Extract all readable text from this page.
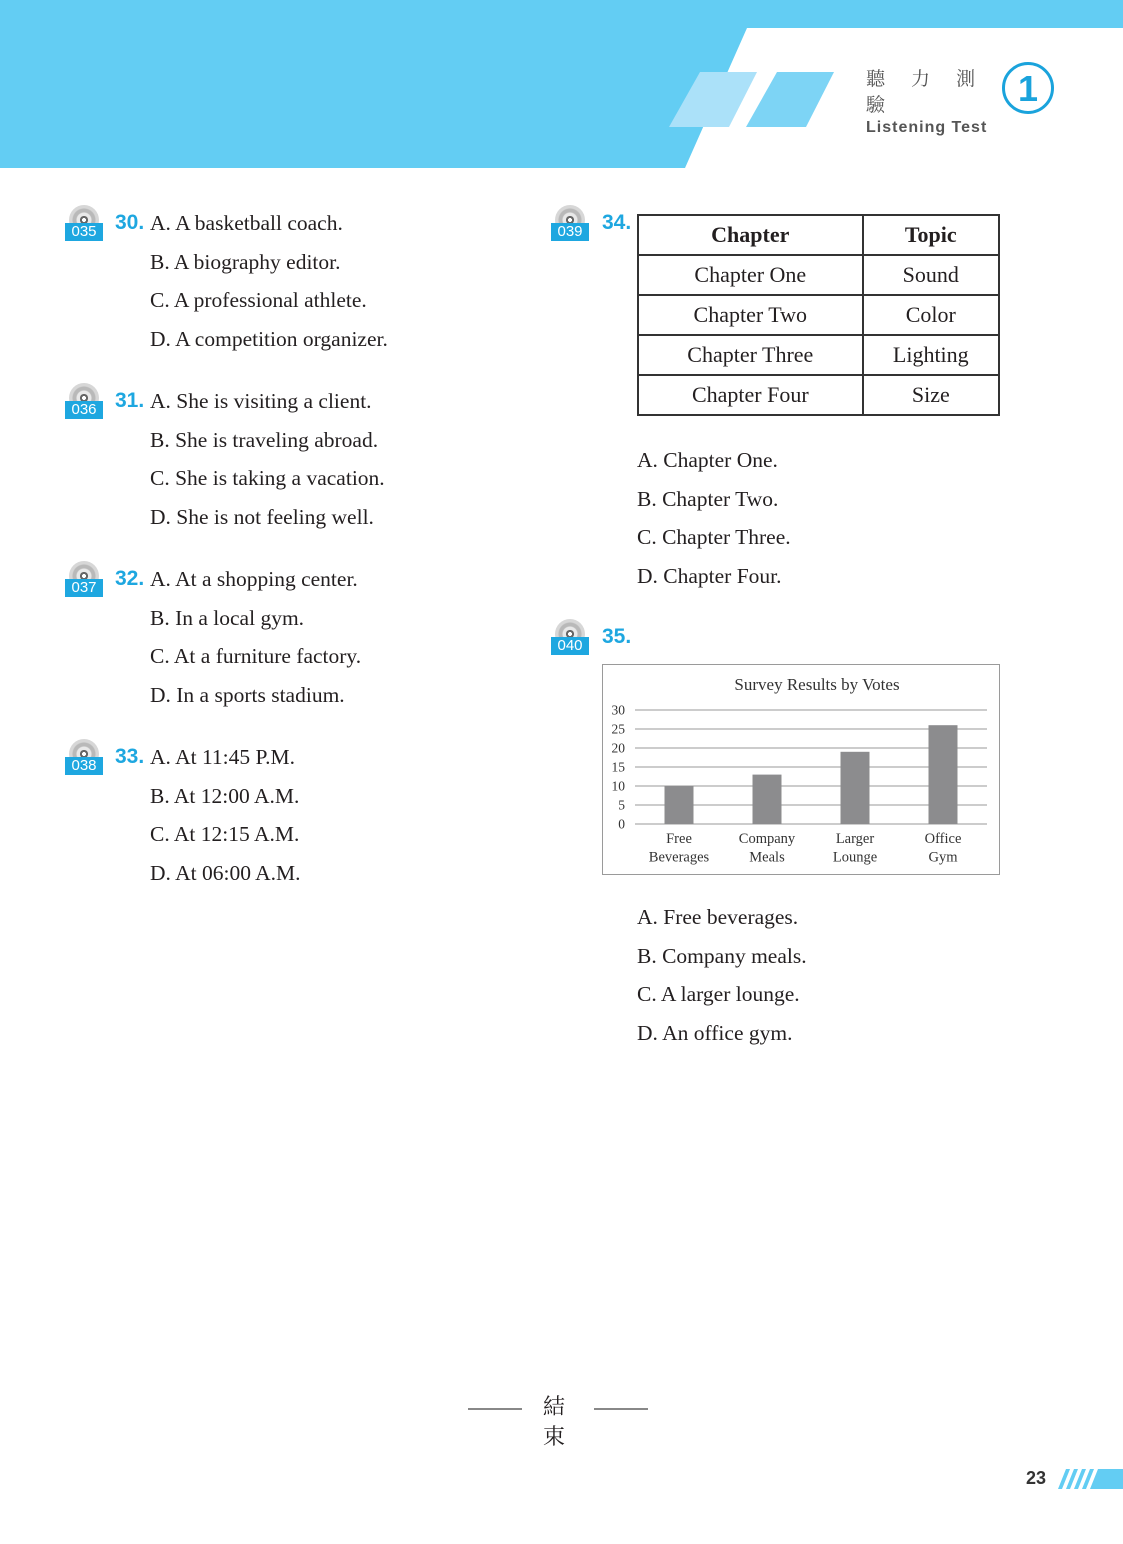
聽 力 測 驗
Listening Test
1
035 30. A. A basketball coach.
B. A biography editor.
C. A professional athlete.
D. A competition organizer.
036 31. A. She is visiting a client.
B. She is traveling abroad.
C. She is taking a vacation.
D. She is not feeling well.
037 32. A. At a shopping center.
B. In a local gym.
C. At a furniture factory.
D. In a sports stadium.
038 33. A. At 11:45 P.M.
B. At 12:00 A.M.
C. At 12:15 A.M.
D. At 06:00 A.M.
039 34.	Chapter	Topic
Chapter One	Sound
Chapter Two	Color
Chapter Three	Lighting
Chapter Four	Size
A. Chapter One.
B. Chapter Two.
C. Chapter Three.
D. Chapter Four.
040 35.
Survey Results by Votes
0
5
10
15
20
25
30
Free
Beverages
Company
Meals
Larger
Lounge
Office
Gym
A. Free beverages.
B. Company meals.
C. A larger lounge.
D. An office gym.
結 束
23
